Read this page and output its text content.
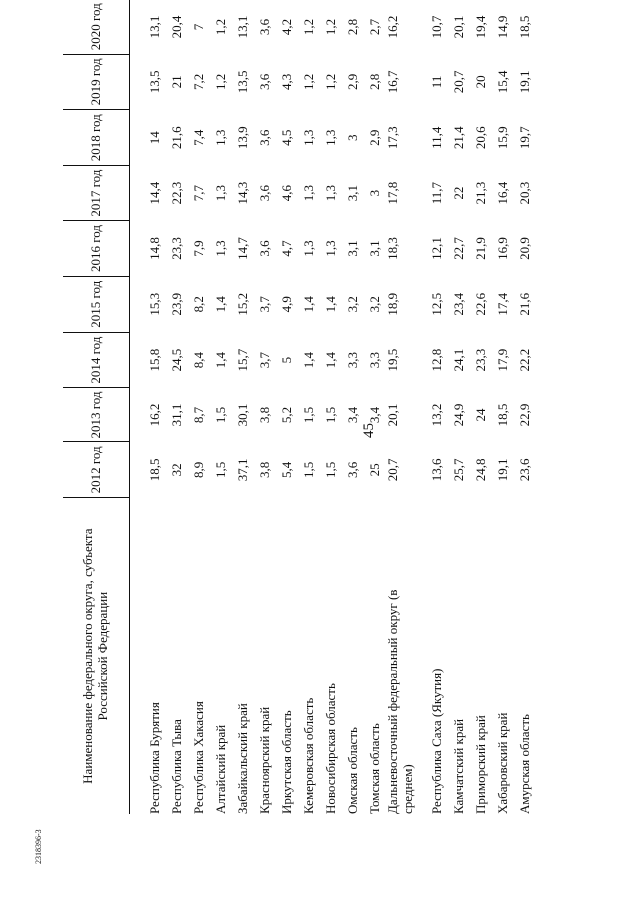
45
2318396-3
Наименование федерального округа, субъекта Российской Федерации	2012 год	2013 год	2014 год	2015 год	2016 год	2017 год	2018 год	2019 год	2020 год
Республика Бурятия	18,5	16,2	15,8	15,3	14,8	14,4	14	13,5	13,1
Республика Тыва	32	31,1	24,5	23,9	23,3	22,3	21,6	21	20,4
Республика Хакасия	8,9	8,7	8,4	8,2	7,9	7,7	7,4	7,2	7
Алтайский край	1,5	1,5	1,4	1,4	1,3	1,3	1,3	1,2	1,2
Забайкальский край	37,1	30,1	15,7	15,2	14,7	14,3	13,9	13,5	13,1
Красноярский край	3,8	3,8	3,7	3,7	3,6	3,6	3,6	3,6	3,6
Иркутская область	5,4	5,2	5	4,9	4,7	4,6	4,5	4,3	4,2
Кемеровская область	1,5	1,5	1,4	1,4	1,3	1,3	1,3	1,2	1,2
Новосибирская область	1,5	1,5	1,4	1,4	1,3	1,3	1,3	1,2	1,2
Омская область	3,6	3,4	3,3	3,2	3,1	3,1	3	2,9	2,8
Томская область	25	3,4	3,3	3,2	3,1	3	2,9	2,8	2,7
Дальневосточный федеральный округ (в среднем)	20,7	20,1	19,5	18,9	18,3	17,8	17,3	16,7	16,2
Республика Саха (Якутия)	13,6	13,2	12,8	12,5	12,1	11,7	11,4	11	10,7
Камчатский край	25,7	24,9	24,1	23,4	22,7	22	21,4	20,7	20,1
Приморский край	24,8	24	23,3	22,6	21,9	21,3	20,6	20	19,4
Хабаровский край	19,1	18,5	17,9	17,4	16,9	16,4	15,9	15,4	14,9
Амурская область	23,6	22,9	22,2	21,6	20,9	20,3	19,7	19,1	18,5
